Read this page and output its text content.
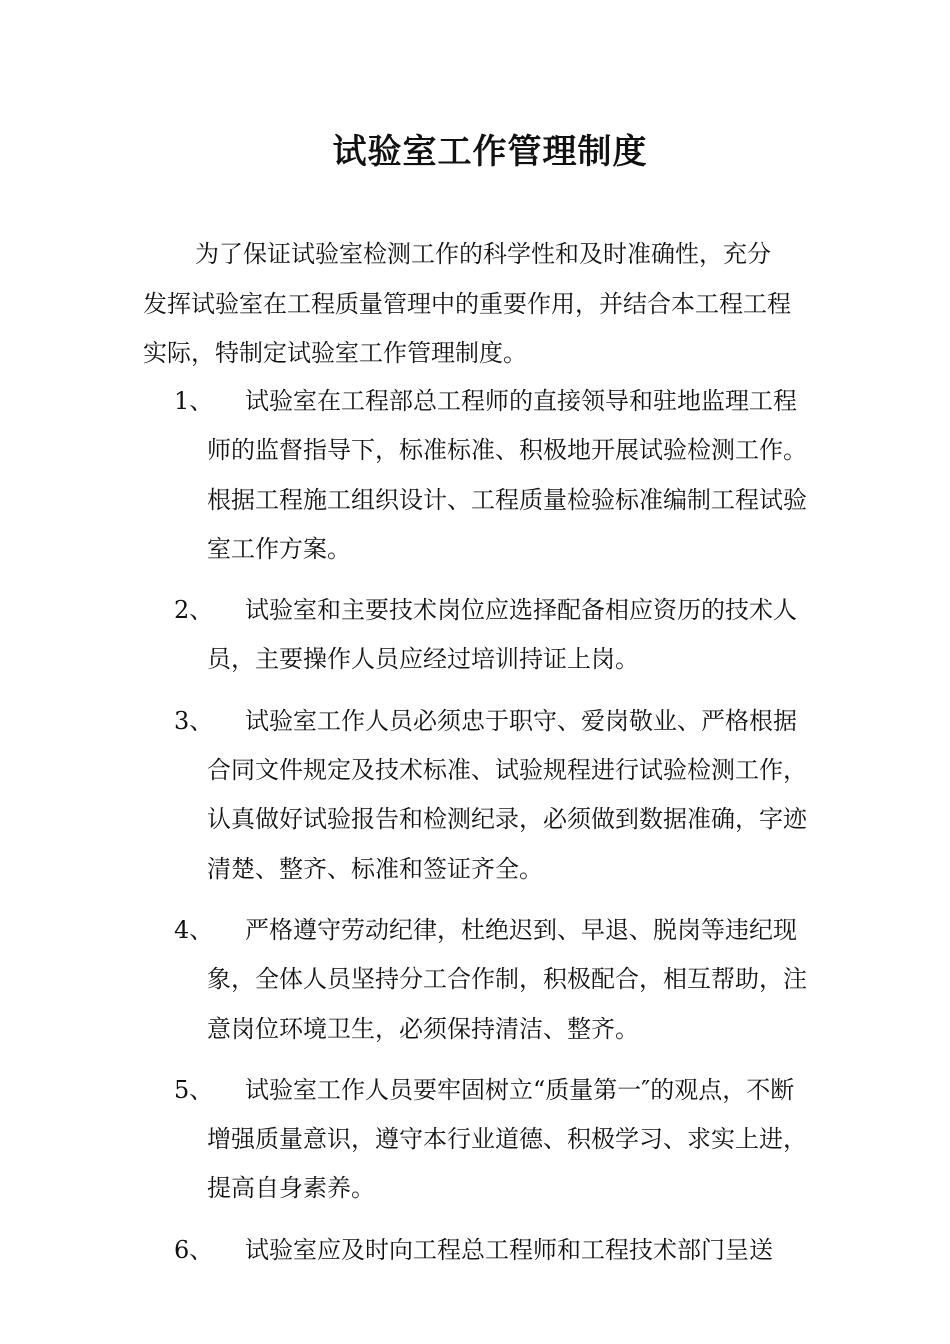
试验室工作管理制度
为了保证试验室检测工作的科学性和及时准确性，充分发挥试验室在工程质量管理中的重要作用，并结合本工程工程实际，特制定试验室工作管理制度。
1、	试验室在工程部总工程师的直接领导和驻地监理工程师的监督指导下，标准标准、积极地开展试验检测工作。根据工程施工组织设计、工程质量检验标准编制工程试验室工作方案。
2、	试验室和主要技术岗位应选择配备相应资历的技术人员，主要操作人员应经过培训持证上岗。
3、	试验室工作人员必须忠于职守、爱岗敬业、严格根据合同文件规定及技术标准、试验规程进行试验检测工作，认真做好试验报告和检测纪录，必须做到数据准确，字迹清楚、整齐、标准和签证齐全。
4、	严格遵守劳动纪律，杜绝迟到、早退、脱岗等违纪现象，全体人员坚持分工合作制，积极配合，相互帮助，注意岗位环境卫生，必须保持清洁、整齐。
5、	试验室工作人员要牢固树立“质量第一″的观点，不断增强质量意识，遵守本行业道德、积极学习、求实上进，提高自身素养。
6、	试验室应及时向工程总工程师和工程技术部门呈送
